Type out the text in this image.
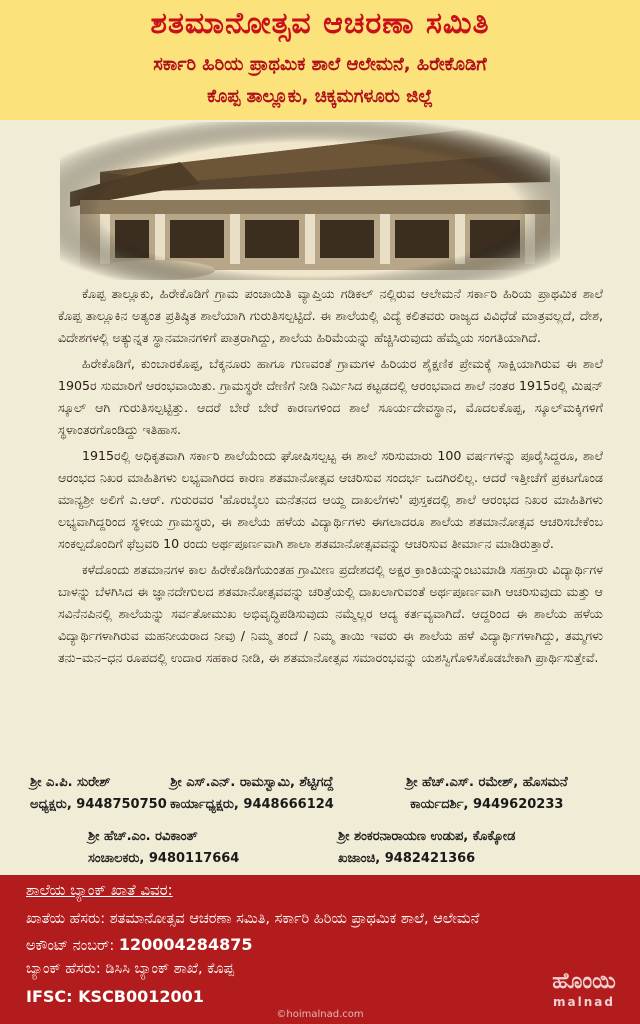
ಶತಮಾನೋತ್ಸವ ಆಚರಣಾ ಸಮಿತಿ
ಸರ್ಕಾರಿ ಹಿರಿಯ ಪ್ರಾಥಮಿಕ ಶಾಲೆ ಆಲೇಮನೆ, ಹಿರೇಕೊಡಿಗೆ
ಕೊಪ್ಪ ತಾಲ್ಲೂಕು, ಚಿಕ್ಕಮಗಳೂರು ಜಿಲ್ಲೆ

ಕೊಪ್ಪ ತಾಲ್ಲೂಕು, ಹಿರೇಕೊಡಿಗೆ ಗ್ರಾಮ ಪಂಚಾಯಿತಿ ವ್ಯಾಪ್ತಿಯ ಗಡಿಕಲ್ ನಲ್ಲಿರುವ ಆಲೇಮನೆ ಸರ್ಕಾರಿ ಹಿರಿಯ ಪ್ರಾಥಮಿಕ ಶಾಲೆ ಕೊಪ್ಪ ತಾಲ್ಲೂಕಿನ ಅತ್ಯಂತ ಪ್ರತಿಷ್ಠಿತ ಶಾಲೆಯಾಗಿ ಗುರುತಿಸಲ್ಪಟ್ಟಿದೆ. ಈ ಶಾಲೆಯಲ್ಲಿ ವಿದ್ಯೆ ಕಲಿತವರು ರಾಜ್ಯದ ವಿವಿಧೆಡೆ ಮಾತ್ರವಲ್ಲದೆ, ದೇಶ, ವಿದೇಶಗಳಲ್ಲಿ ಅತ್ಯುನ್ನತ ಸ್ಥಾನಮಾನಗಳಿಗೆ ಪಾತ್ರರಾಗಿದ್ದು, ಶಾಲೆಯ ಹಿರಿಮೆಯನ್ನು ಹೆಚ್ಚಿಸಿರುವುದು ಹೆಮ್ಮೆಯ ಸಂಗತಿಯಾಗಿದೆ.

ಹಿರೇಕೊಡಿಗೆ, ಕುಂಬಾರಕೊಪ್ಪ, ಬೆಕ್ಕನೂರು ಹಾಗೂ ಗುಣವಂತೆ ಗ್ರಾಮಗಳ ಹಿರಿಯರ ಶೈಕ್ಷಣಿಕ ಪ್ರೇಮಕ್ಕೆ ಸಾಕ್ಷಿಯಾಗಿರುವ ಈ ಶಾಲೆ 1905ರ ಸುಮಾರಿಗೆ ಆರಂಭವಾಯಿತು. ಗ್ರಾಮಸ್ಥರೇ ದೇಣಿಗೆ ನೀಡಿ ನಿರ್ಮಿಸಿದ ಕಟ್ಟಡದಲ್ಲಿ ಆರಂಭವಾದ ಶಾಲೆ ನಂತರ 1915ರಲ್ಲಿ ಮಿಷನ್ ಸ್ಕೂಲ್ ಆಗಿ ಗುರುತಿಸಲ್ಪಟ್ಟಿತ್ತು. ಆದರೆ ಬೇರೆ ಬೇರೆ ಕಾರಣಗಳಿಂದ ಶಾಲೆ ಸೂರ್ಯದೇವಸ್ಥಾನ, ಮೊದಲಕೊಪ್ಪ, ಸ್ಕೂಲ್‌ಮಕ್ಕಿಗಳಿಗೆ ಸ್ಥಳಾಂತರಗೊಂಡಿದ್ದು ಇತಿಹಾಸ.

1915ರಲ್ಲಿ ಅಧಿಕೃತವಾಗಿ ಸರ್ಕಾರಿ ಶಾಲೆಯೆಂದು ಘೋಷಿಸಲ್ಪಟ್ಟ ಈ ಶಾಲೆ ಸರಿಸುಮಾರು 100 ವರ್ಷಗಳನ್ನು ಪೂರೈಸಿದ್ದರೂ, ಶಾಲೆ ಆರಂಭದ ನಿಖರ ಮಾಹಿತಿಗಳು ಲಭ್ಯವಾಗಿರದ ಕಾರಣ ಶತಮಾನೋತ್ಸವ ಆಚರಿಸುವ ಸಂದರ್ಭ ಒದಗಿರಲಿಲ್ಲ. ಆದರೆ ಇತ್ತೀಚೆಗೆ ಪ್ರಕಟಗೊಂಡ ಮಾನ್ಯಶ್ರೀ ಅಲಿಗೆ ಎ.ಆರ್. ಗುರುರವರ 'ಹೊರಬೈಲು ಮನೆತನದ ಆಯ್ದ ದಾಖಲೆಗಳು' ಪುಸ್ತಕದಲ್ಲಿ ಶಾಲೆ ಆರಂಭದ ನಿಖರ ಮಾಹಿತಿಗಳು ಲಭ್ಯವಾಗಿದ್ದರಿಂದ ಸ್ಥಳೀಯ ಗ್ರಾಮಸ್ಥರು, ಈ ಶಾಲೆಯ ಹಳೆಯ ವಿದ್ಯಾರ್ಥಿಗಳು ಈಗಲಾದರೂ ಶಾಲೆಯ ಶತಮಾನೋತ್ಸವ ಆಚರಿಸಬೇಕೆಂಬ ಸಂಕಲ್ಪದೊಂದಿಗೆ ಫೆಬ್ರವರಿ 10 ರಂದು ಅರ್ಥಪೂರ್ಣವಾಗಿ ಶಾಲಾ ಶತಮಾನೋತ್ಸವವನ್ನು ಆಚರಿಸುವ ತೀರ್ಮಾನ ಮಾಡಿರುತ್ತಾರೆ.

ಕಳೆದೊಂದು ಶತಮಾನಗಳ ಕಾಲ ಹಿರೇಕೊಡಿಗೆಯಂತಹ ಗ್ರಾಮೀಣ ಪ್ರದೇಶದಲ್ಲಿ ಅಕ್ಷರ ಕ್ರಾಂತಿಯನ್ನುಂಟುಮಾಡಿ ಸಹಸ್ರಾರು ವಿದ್ಯಾರ್ಥಿಗಳ ಬಾಳನ್ನು ಬೆಳಗಿಸಿದ ಈ ಜ್ಞಾನದೇಗುಲದ ಶತಮಾನೋತ್ಸವವನ್ನು ಚರಿತ್ರೆಯಲ್ಲಿ ದಾಖಲಾಗುವಂತೆ ಅರ್ಥಪೂರ್ಣವಾಗಿ ಆಚರಿಸುವುದು ಮತ್ತು ಆ ಸವಿನೆನಪಿನಲ್ಲಿ ಶಾಲೆಯನ್ನು ಸರ್ವತೋಮುಖ ಅಭಿವೃದ್ಧಿಪಡಿಸುವುದು ನಮ್ಮೆಲ್ಲರ ಆದ್ಯ ಕರ್ತವ್ಯವಾಗಿದೆ. ಆದ್ದರಿಂದ ಈ ಶಾಲೆಯ ಹಳೆಯ ವಿದ್ಯಾರ್ಥಿಗಳಾಗಿರುವ ಮಹನೀಯರಾದ ನೀವು / ನಿಮ್ಮ ತಂದೆ / ನಿಮ್ಮ ತಾಯಿ ಇವರು ಈ ಶಾಲೆಯ ಹಳೆ ವಿದ್ಯಾರ್ಥಿಗಳಾಗಿದ್ದು, ತಮ್ಮಗಳು ತನು–ಮನ–ಧನ ರೂಪದಲ್ಲಿ ಉದಾರ ಸಹಕಾರ ನೀಡಿ, ಈ ಶತಮಾನೋತ್ಸವ ಸಮಾರಂಭವನ್ನು ಯಶಸ್ವಿಗೊಳಿಸಿಕೊಡಬೇಕಾಗಿ ಪ್ರಾರ್ಥಿಸುತ್ತೇವೆ.

ಶ್ರೀ ಎ.ಪಿ. ಸುರೇಶ್
ಅಧ್ಯಕ್ಷರು, 9448750750
ಶ್ರೀ ಎಸ್.ಎನ್. ರಾಮಸ್ವಾಮಿ, ಶೆಟ್ಟಿಗದ್ದೆ
ಕಾರ್ಯಾಧ್ಯಕ್ಷರು, 9448666124
ಶ್ರೀ ಹೆಚ್.ಎಸ್. ರಮೇಶ್, ಹೊಸಮನೆ
ಕಾರ್ಯದರ್ಶಿ, 9449620233
ಶ್ರೀ ಹೆಚ್.ಎಂ. ರವಿಕಾಂತ್
ಸಂಚಾಲಕರು, 9480117664
ಶ್ರೀ ಶಂಕರನಾರಾಯಣ ಉಡುಪ, ಕೊಕ್ಕೋಡ
ಖಜಾಂಚಿ, 9482421366
ಶಾಲೆಯ ಬ್ಯಾಂಕ್ ಖಾತೆ ವಿವರ:
ಖಾತೆಯ ಹೆಸರು: ಶತಮಾನೋತ್ಸವ ಆಚರಣಾ ಸಮಿತಿ, ಸರ್ಕಾರಿ ಹಿರಿಯ ಪ್ರಾಥಮಿಕ ಶಾಲೆ, ಆಲೇಮನೆ
ಅಕೌಂಟ್ ನಂಬರ್: 120004284875
ಬ್ಯಾಂಕ್ ಹೆಸರು: ಡಿಸಿಸಿ ಬ್ಯಾಂಕ್ ಶಾಖೆ, ಕೊಪ್ಪ
IFSC: KSCB0012001
ಹೊಂಯಿ
malnad
©hoimalnad.com
